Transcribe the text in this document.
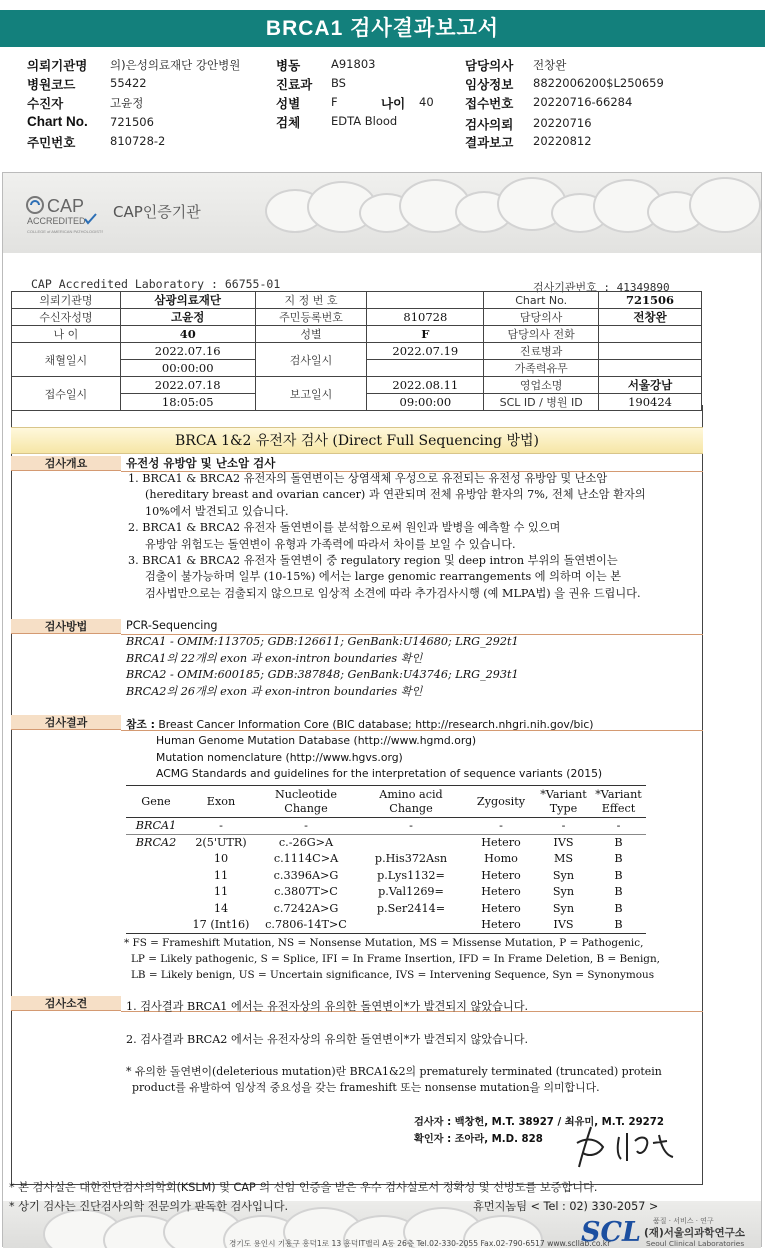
BRCA1 검사결과보고서
의뢰기관명 의)은성의료재단 강안병원	병동	A91803	담당의사 전창완
병원코드	55422	진료과 BS	임상정보 8822006200$L250659
수진자	고윤정	성별	F	나이 40	접수번호 20220716-66284
Chart No. 721506	검체	EDTA Blood	검사의뢰 20220716
주민번호	810728-2	결과보고 20220812
CAP
ACCREDITED
COLLEGE of AMERICAN PATHOLOGISTS
CAP인증기관
CAP Accredited Laboratory : 66755-01	검사기관번호 : 41349890
의뢰기관명	삼광의료재단	지 정 번 호		Chart No.	721506
수신자성명	고윤정	주민등록번호	810728	담당의사	전창완
나 이	40	성별	F	담당의사 전화	
채혈일시	2022.07.16	검사일시	2022.07.19	진료병과	
	00:00:00			가족력유무	
접수일시	2022.07.18	보고일시	2022.08.11	영업소명	서울강남
	18:05:05		09:00:00	SCL ID / 병원 ID	190424
BRCA 1&2 유전자 검사 (Direct Full Sequencing 방법)
검사개요	유전성 유방암 및 난소암 검사
1. BRCA1 & BRCA2 유전자의 돌연변이는 상염색체 우성으로 유전되는 유전성 유방암 및 난소암
(hereditary breast and ovarian cancer) 과 연관되며 전체 유방암 환자의 7%, 전체 난소암 환자의
10%에서 발견되고 있습니다.
2. BRCA1 & BRCA2 유전자 돌연변이를 분석함으로써 원인과 발병을 예측할 수 있으며
유방암 위험도는 돌연변이 유형과 가족력에 따라서 차이를 보일 수 있습니다.
3. BRCA1 & BRCA2 유전자 돌연변이 중 regulatory region 및 deep intron 부위의 돌연변이는
검출이 불가능하며 일부 (10-15%) 에서는 large genomic rearrangements 에 의하며 이는 본
검사법만으로는 검출되지 않으므로 임상적 소견에 따라 추가검사시행 (예 MLPA법) 을 권유 드립니다.
검사방법	PCR-Sequencing
BRCA1 - OMIM:113705; GDB:126611; GenBank:U14680; LRG_292t1
BRCA1의 22개의 exon 과 exon-intron boundaries 확인
BRCA2 - OMIM:600185; GDB:387848; GenBank:U43746; LRG_293t1
BRCA2의 26개의 exon 과 exon-intron boundaries 확인
검사결과	참조 : Breast Cancer Information Core (BIC database; http://research.nhgri.nih.gov/bic)
Human Genome Mutation Database (http://www.hgmd.org)
Mutation nomenclature (http://www.hgvs.org)
ACMG Standards and guidelines for the interpretation of sequence variants (2015)
Gene	Exon	Nucleotide Change	Amino acid Change	Zygosity	*Variant Type	*Variant Effect
BRCA1	-	-	-	-	-	-
BRCA2	2(5'UTR)	c.-26G>A		Hetero	IVS	B
	10	c.1114C>A	p.His372Asn	Homo	MS	B
	11	c.3396A>G	p.Lys1132=	Hetero	Syn	B
	11	c.3807T>C	p.Val1269=	Hetero	Syn	B
	14	c.7242A>G	p.Ser2414=	Hetero	Syn	B
	17 (Int16)	c.7806-14T>C		Hetero	IVS	B
* FS = Frameshift Mutation, NS = Nonsense Mutation, MS = Missense Mutation, P = Pathogenic,
LP = Likely pathogenic, S = Splice, IFI = In Frame Insertion, IFD = In Frame Deletion, B = Benign,
LB = Likely benign, US = Uncertain significance, IVS = Intervening Sequence, Syn = Synonymous
검사소견	1. 검사결과 BRCA1 에서는 유전자상의 유의한 돌연변이*가 발견되지 않았습니다.
2. 검사결과 BRCA2 에서는 유전자상의 유의한 돌연변이*가 발견되지 않았습니다.
* 유의한 돌연변이(deleterious mutation)란 BRCA1&2의 prematurely terminated (truncated) protein
product를 유발하여 임상적 중요성을 갖는 frameshift 또는 nonsense mutation을 의미합니다.
검사자 : 백창헌, M.T. 38927 / 최유미, M.T. 29272
확인자 : 조아라, M.D. 828
* 본 검사실은 대한진단검사의학회(KSLM) 및 CAP 의 신임 인증을 받은 우수 검사실로서 정확성 및 신빙도를 보증합니다.
* 상기 검사는 진단검사의학 전문의가 판독한 검사입니다.	휴먼지놈팀 < Tel : 02) 330-2057 >
경기도 용인시 기흥구 흥덕1로 13 흥덕IT밸리 A동 26층 Tel.02-330-2055 Fax.02-790-6517 www.scllab.co.kr
SCL 품질 · 서비스 · 연구
(재)서울의과학연구소
Seoul Clinical Laboratories
